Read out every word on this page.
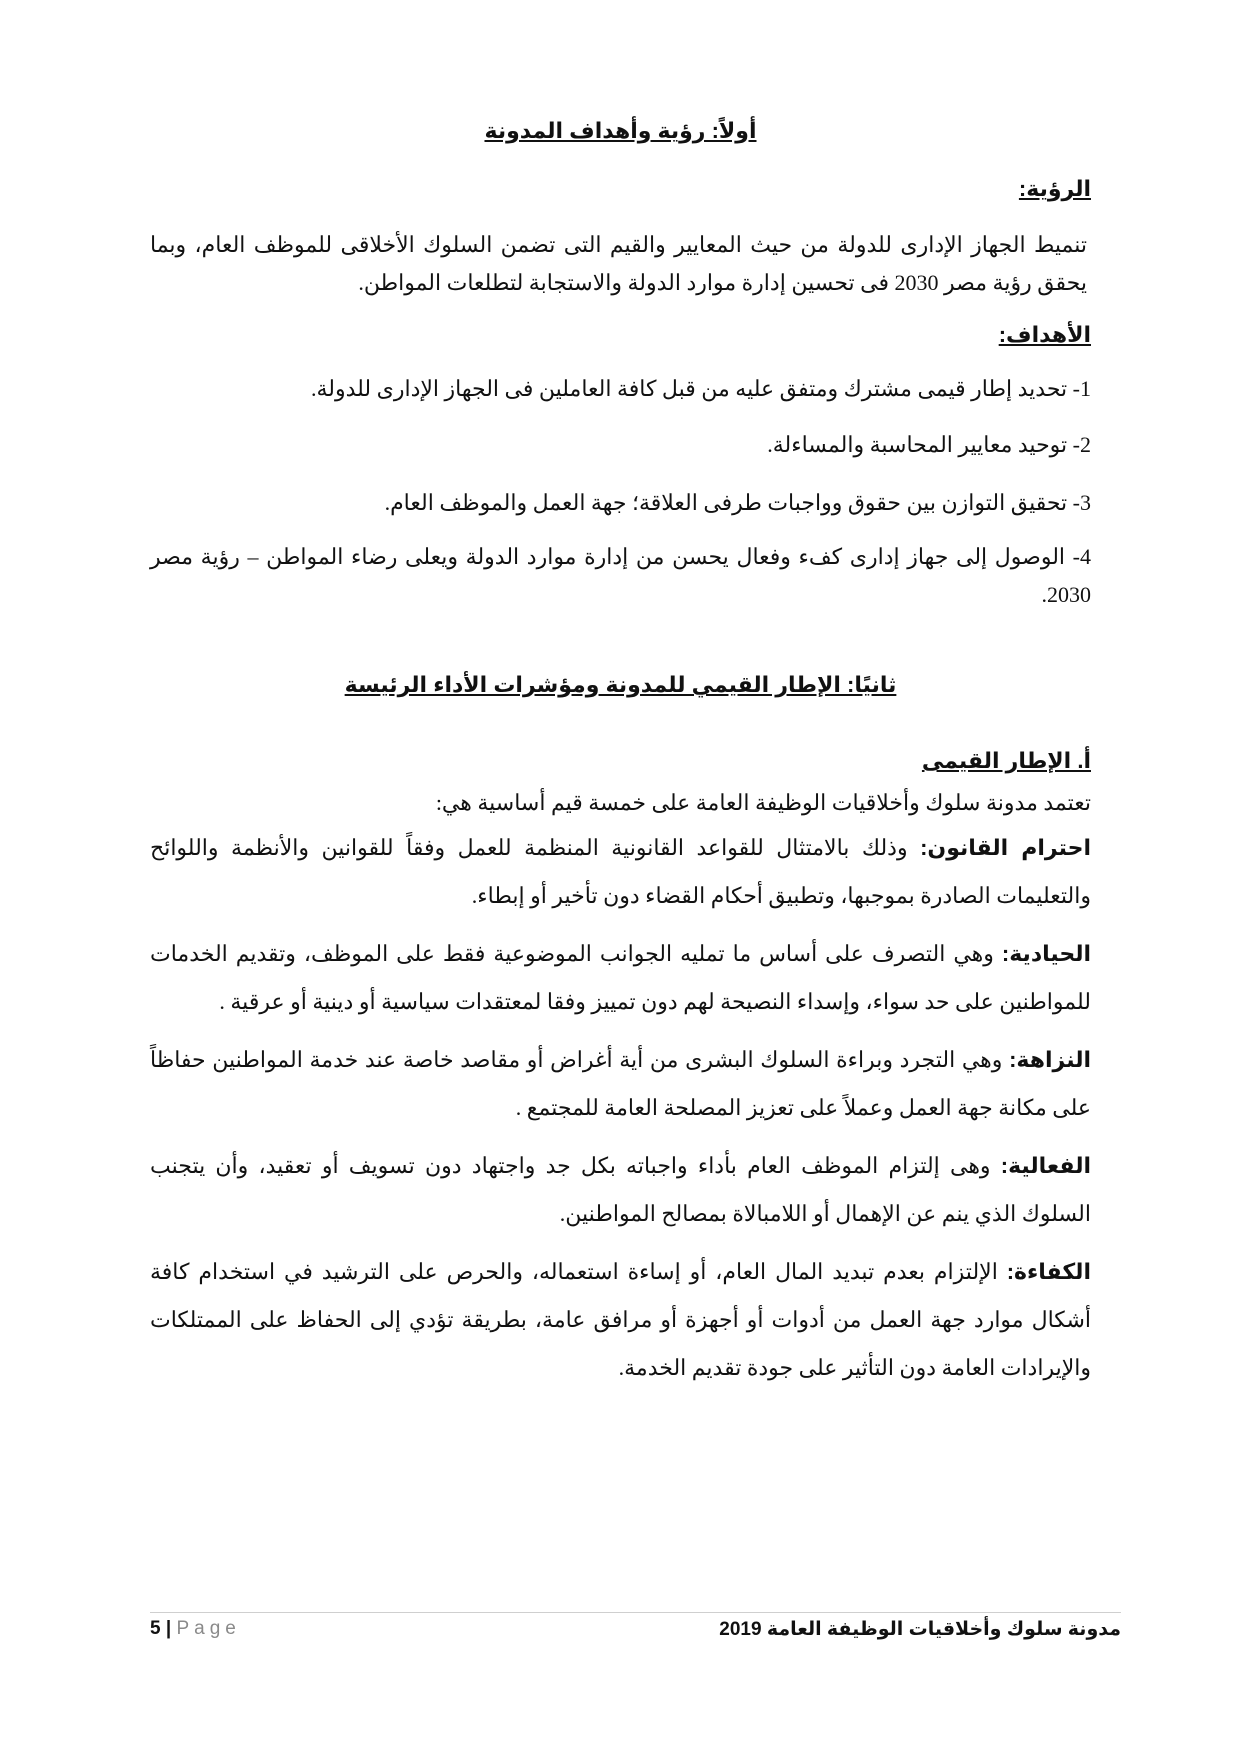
أولاً: رؤية وأهداف المدونة
الرؤية:
تنميط الجهاز الإدارى للدولة من حيث المعايير والقيم التى تضمن السلوك الأخلاقى للموظف العام، وبما يحقق رؤية مصر 2030 فى تحسين إدارة موارد الدولة والاستجابة لتطلعات المواطن.
الأهداف:
1- تحديد إطار قيمى مشترك ومتفق عليه من قبل كافة العاملين فى الجهاز الإدارى للدولة.
2- توحيد معايير المحاسبة والمساءلة.
3- تحقيق التوازن بين حقوق وواجبات طرفى العلاقة؛ جهة العمل والموظف العام.
4- الوصول إلى جهاز إدارى كفء وفعال يحسن من إدارة موارد الدولة ويعلى رضاء المواطن – رؤية مصر 2030.
ثانيًا: الإطار القيمي للمدونة ومؤشرات الأداء الرئيسة
أ. الإطار القيمى
تعتمد مدونة سلوك وأخلاقيات الوظيفة العامة على خمسة قيم أساسية هي:
احترام القانون: وذلك بالامتثال للقواعد القانونية المنظمة للعمل وفقاً للقوانين والأنظمة واللوائح والتعليمات الصادرة بموجبها، وتطبيق أحكام القضاء دون تأخير أو إبطاء.
الحيادية: وهي التصرف على أساس ما تمليه الجوانب الموضوعية فقط على الموظف، وتقديم الخدمات للمواطنين على حد سواء، وإسداء النصيحة لهم دون تمييز وفقا لمعتقدات سياسية أو دينية أو عرقية .
النزاهة: وهي التجرد وبراءة السلوك البشرى من أية أغراض أو مقاصد خاصة عند خدمة المواطنين حفاظاً على مكانة جهة العمل وعملاً على تعزيز المصلحة العامة للمجتمع .
الفعالية: وهى إلتزام الموظف العام بأداء واجباته بكل جد واجتهاد دون تسويف أو تعقيد، وأن يتجنب السلوك الذي ينم عن الإهمال أو اللامبالاة بمصالح المواطنين.
الكفاءة: الإلتزام بعدم تبديد المال العام، أو إساءة استعماله، والحرص على الترشيد في استخدام كافة أشكال موارد جهة العمل من أدوات أو أجهزة أو مرافق عامة، بطريقة تؤدي إلى الحفاظ على الممتلكات والإيرادات العامة دون التأثير على جودة تقديم الخدمة.
مدونة سلوك وأخلاقيات الوظيفة العامة 2019
5 | Page
